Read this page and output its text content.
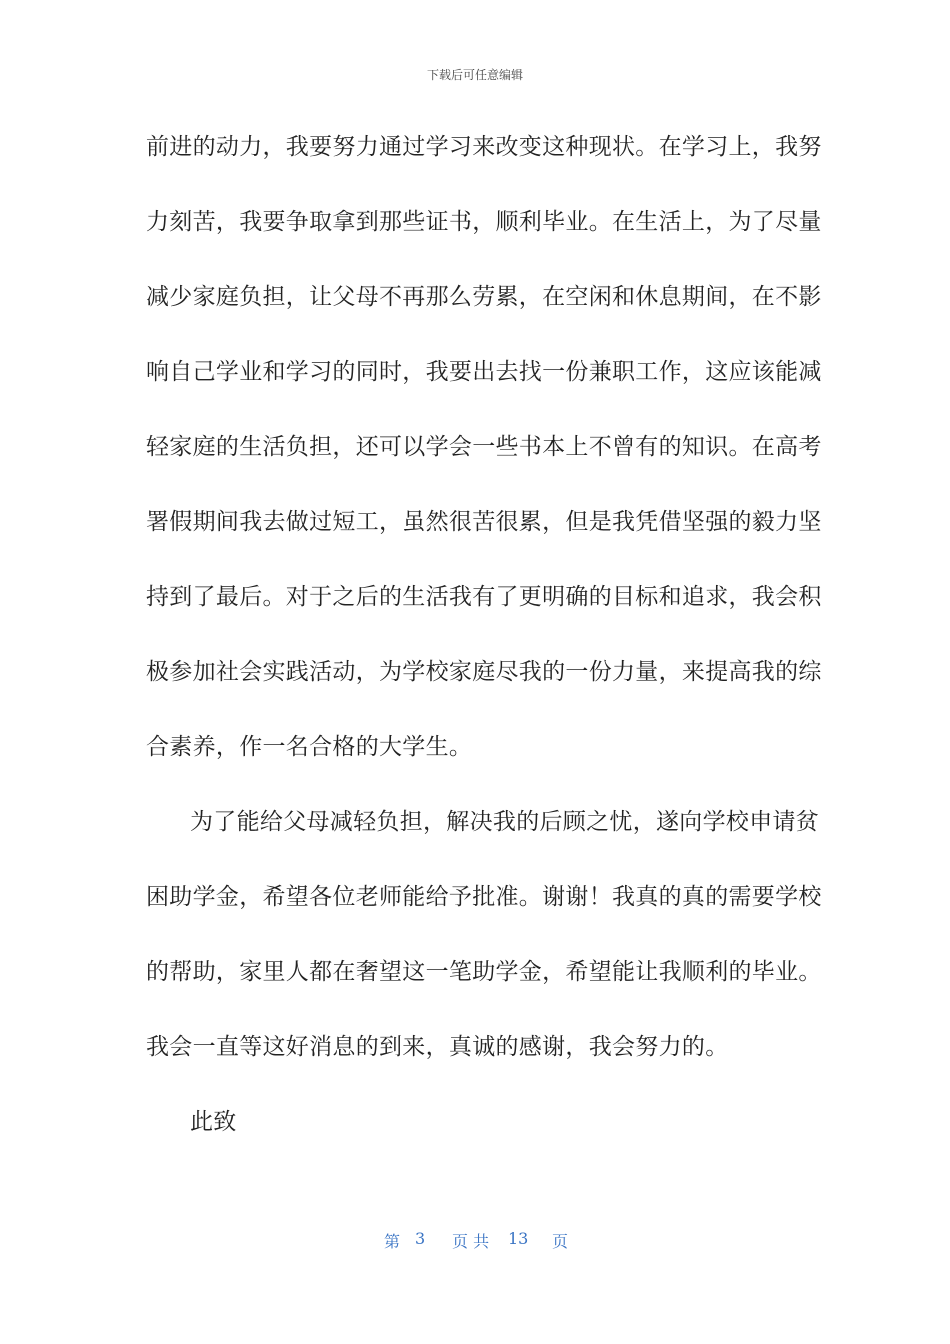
下载后可任意编辑
前进的动力，我要努力通过学习来改变这种现状。在学习上，我努
力刻苦，我要争取拿到那些证书，顺利毕业。在生活上，为了尽量
减少家庭负担，让父母不再那么劳累，在空闲和休息期间，在不影
响自己学业和学习的同时，我要出去找一份兼职工作，这应该能减
轻家庭的生活负担，还可以学会一些书本上不曾有的知识。在高考
署假期间我去做过短工，虽然很苦很累，但是我凭借坚强的毅力坚
持到了最后。对于之后的生活我有了更明确的目标和追求，我会积
极参加社会实践活动，为学校家庭尽我的一份力量，来提高我的综
合素养，作一名合格的大学生。
为了能给父母减轻负担，解决我的后顾之忧，遂向学校申请贫
困助学金，希望各位老师能给予批准。谢谢！我真的真的需要学校
的帮助，家里人都在奢望这一笔助学金，希望能让我顺利的毕业。
我会一直等这好消息的到来，真诚的感谢，我会努力的。
此致
第 3 页 共 13 页
